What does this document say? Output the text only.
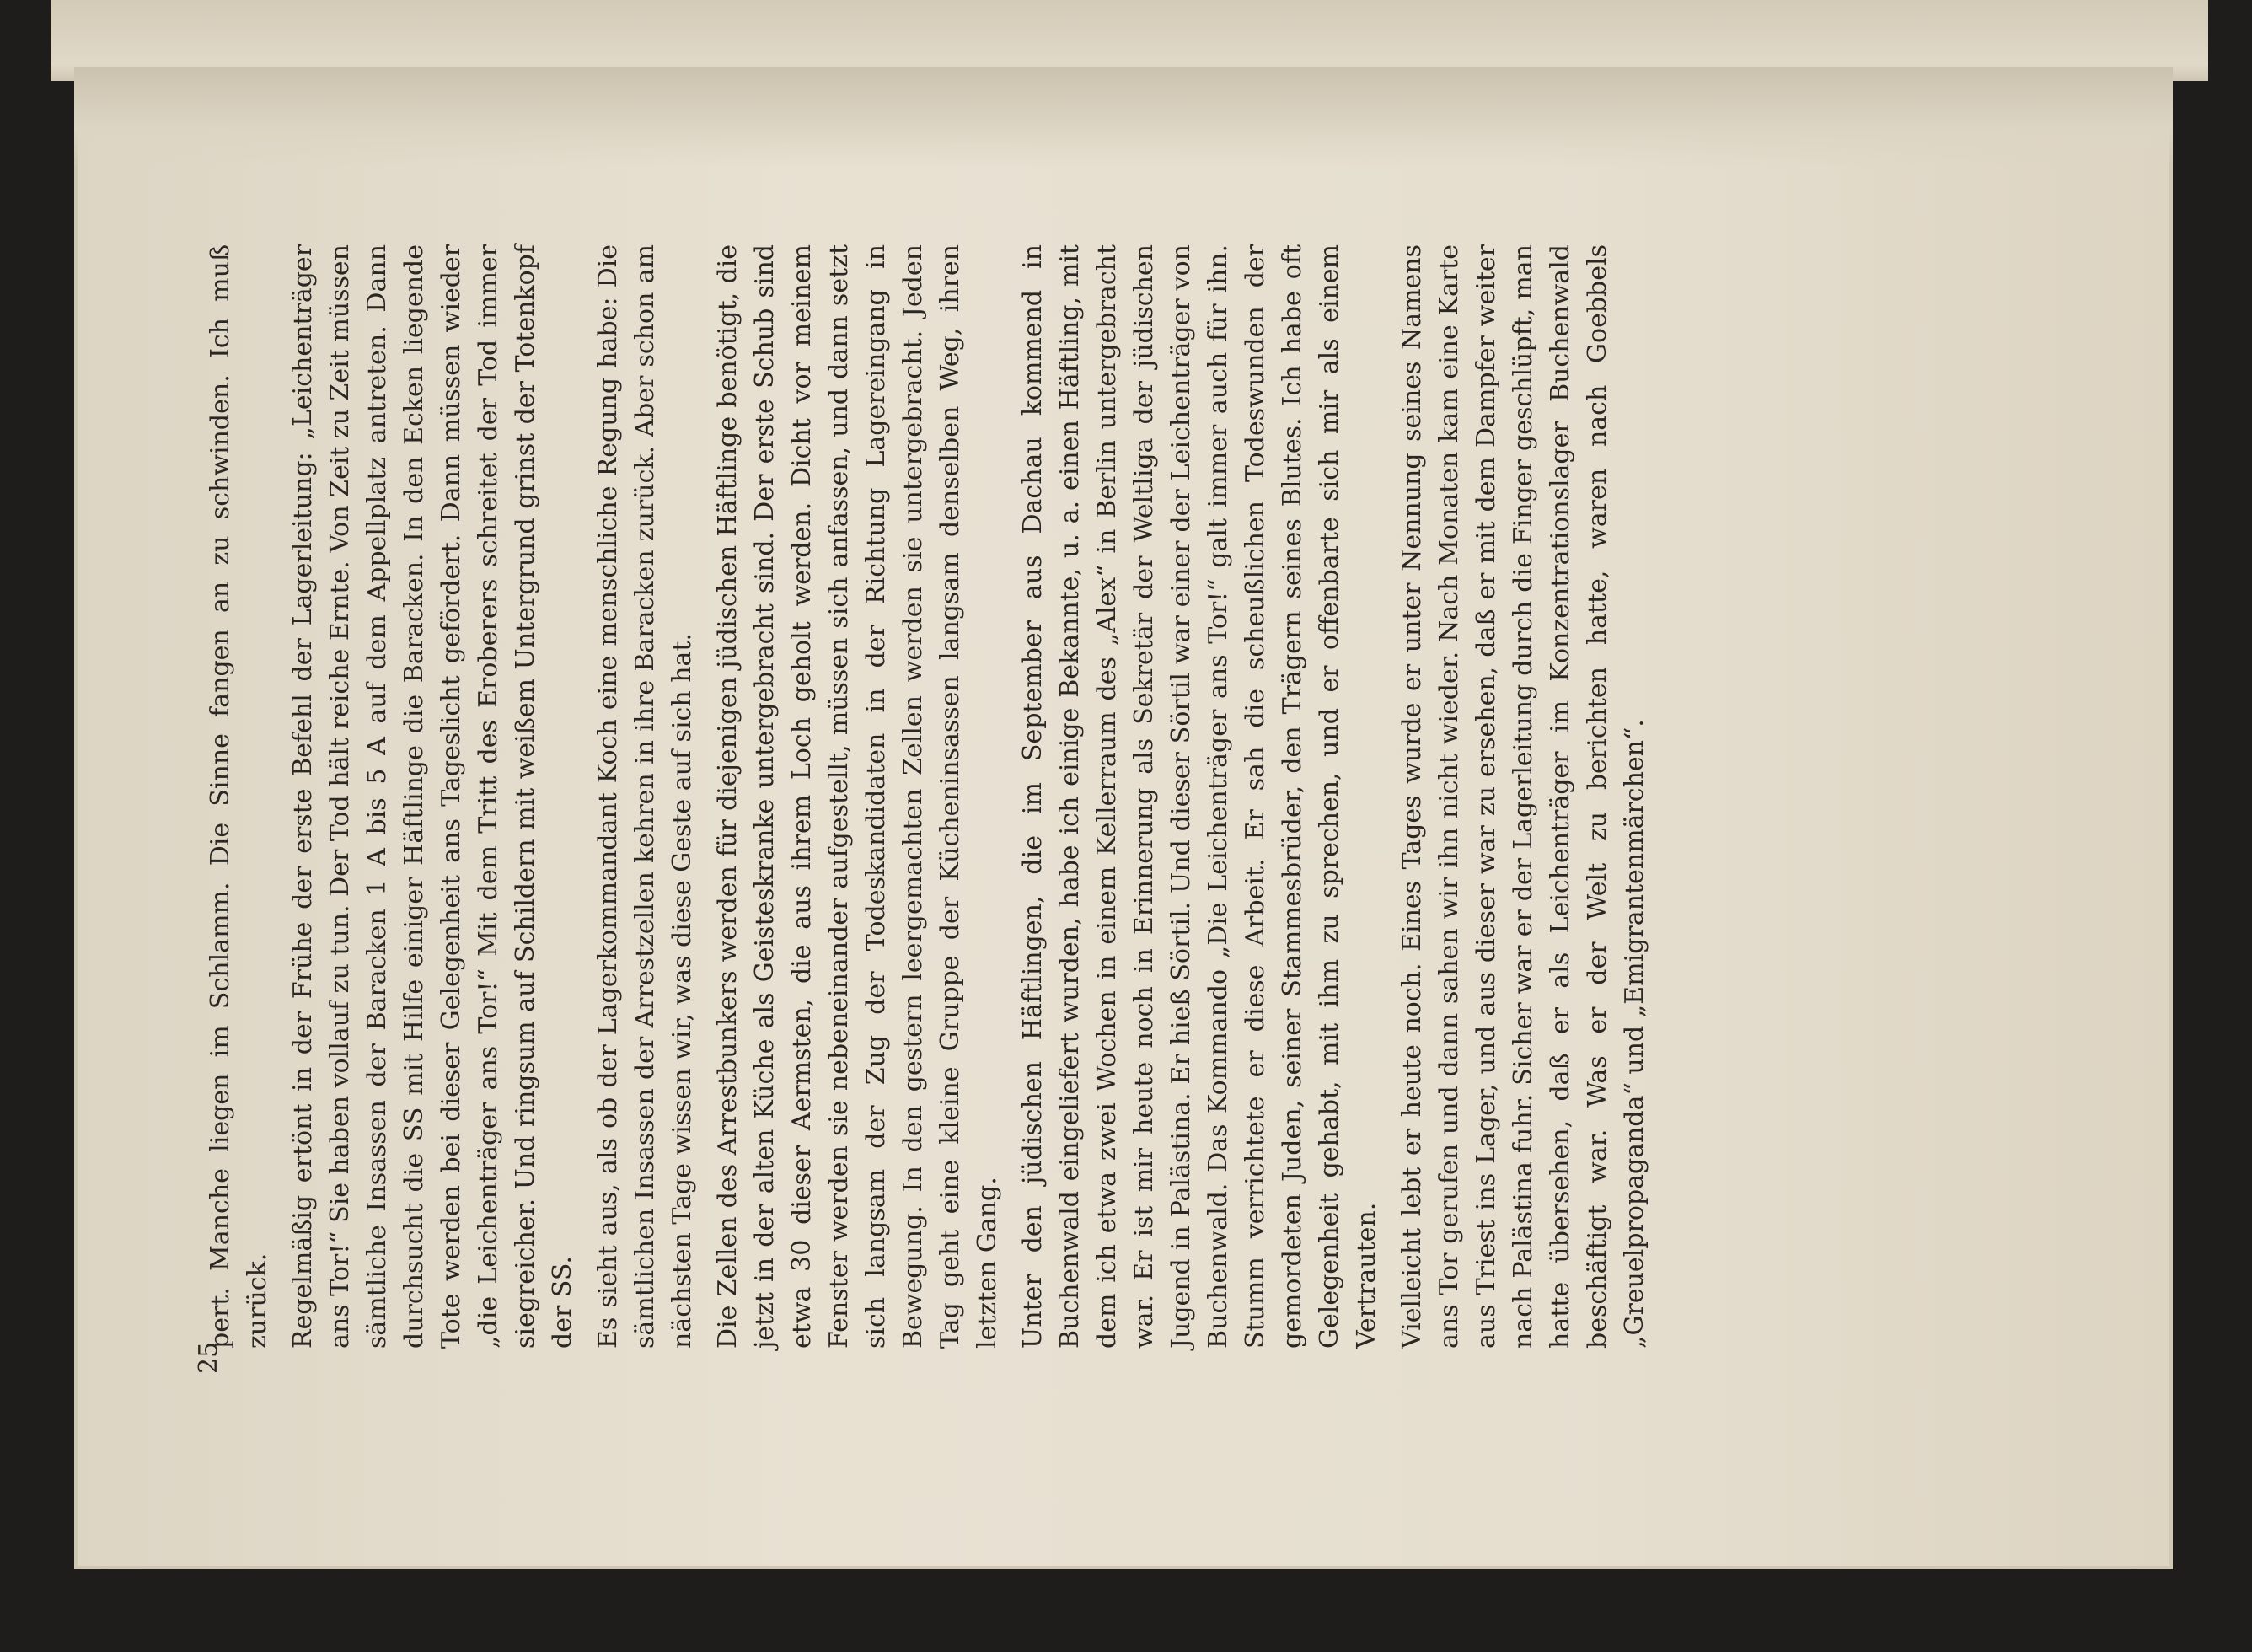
pert. Manche liegen im Schlamm. Die Sinne fangen an zu schwinden. Ich muß zurück. Regelmäßig ertönt in der Frühe der erste Befehl der Lagerleitung: „Leichenträger ans Tor!“ Sie haben vollauf zu tun. Der Tod hält reiche Ernte. Von Zeit zu Zeit müssen sämtliche Insassen der Baracken 1 A bis 5 A auf dem Appellplatz antreten. Dann durchsucht die SS mit Hilfe einiger Häftlinge die Baracken. In den Ecken liegende Tote werden bei dieser Gelegenheit ans Tageslicht gefördert. Dann müssen wieder „die Leichenträger ans Tor!“ Mit dem Tritt des Eroberers schreitet der Tod immer siegreicher. Und ringsum auf Schildern mit weißem Untergrund grinst der Totenkopf der SS. Es sieht aus, als ob der Lagerkommandant Koch eine menschliche Regung habe: Die sämtlichen Insassen der Arrestzellen kehren in ihre Baracken zurück. Aber schon am nächsten Tage wissen wir, was diese Geste auf sich hat. Die Zellen des Arrestbunkers werden für diejenigen jüdischen Häftlinge benötigt, die jetzt in der alten Küche als Geisteskranke untergebracht sind. Der erste Schub sind etwa 30 dieser Aermsten, die aus ihrem Loch geholt werden. Dicht vor meinem Fenster werden sie nebeneinander aufgestellt, müssen sich anfassen, und dann setzt sich langsam der Zug der Todeskandidaten in der Richtung Lagereingang in Bewegung. In den gestern leergemachten Zellen werden sie untergebracht. Jeden Tag geht eine kleine Gruppe der Kücheninsassen langsam denselben Weg, ihren letzten Gang. Unter den jüdischen Häftlingen, die im September aus Dachau kommend in Buchenwald eingeliefert wurden, habe ich einige Bekannte, u. a. einen Häftling, mit dem ich etwa zwei Wochen in einem Kellerraum des „Alex“ in Berlin untergebracht war. Er ist mir heute noch in Erinnerung als Sekretär der Weltliga der jüdischen Jugend in Palästina. Er hieß Sörtil. Und dieser Sörtil war einer der Leichenträger von Buchenwald. Das Kommando „Die Leichenträger ans Tor!“ galt immer auch für ihn. Stumm verrichtete er diese Arbeit. Er sah die scheußlichen Todeswunden der gemordeten Juden, seiner Stammesbrüder, den Trägern seines Blutes. Ich habe oft Gelegenheit gehabt, mit ihm zu sprechen, und er offenbarte sich mir als einem Vertrauten. Vielleicht lebt er heute noch. Eines Tages wurde er unter Nennung seines Namens ans Tor gerufen und dann sahen wir ihn nicht wieder. Nach Monaten kam eine Karte aus Triest ins Lager, und aus dieser war zu ersehen, daß er mit dem Dampfer weiter nach Palästina fuhr. Sicher war er der Lagerleitung durch die Finger geschlüpft, man hatte übersehen, daß er als Leichenträger im Konzentrationslager Buchenwald beschäftigt war. Was er der Welt zu berichten hatte, waren nach Goebbels „Greuelpropaganda“ und „Emigrantenmärchen“.

25
